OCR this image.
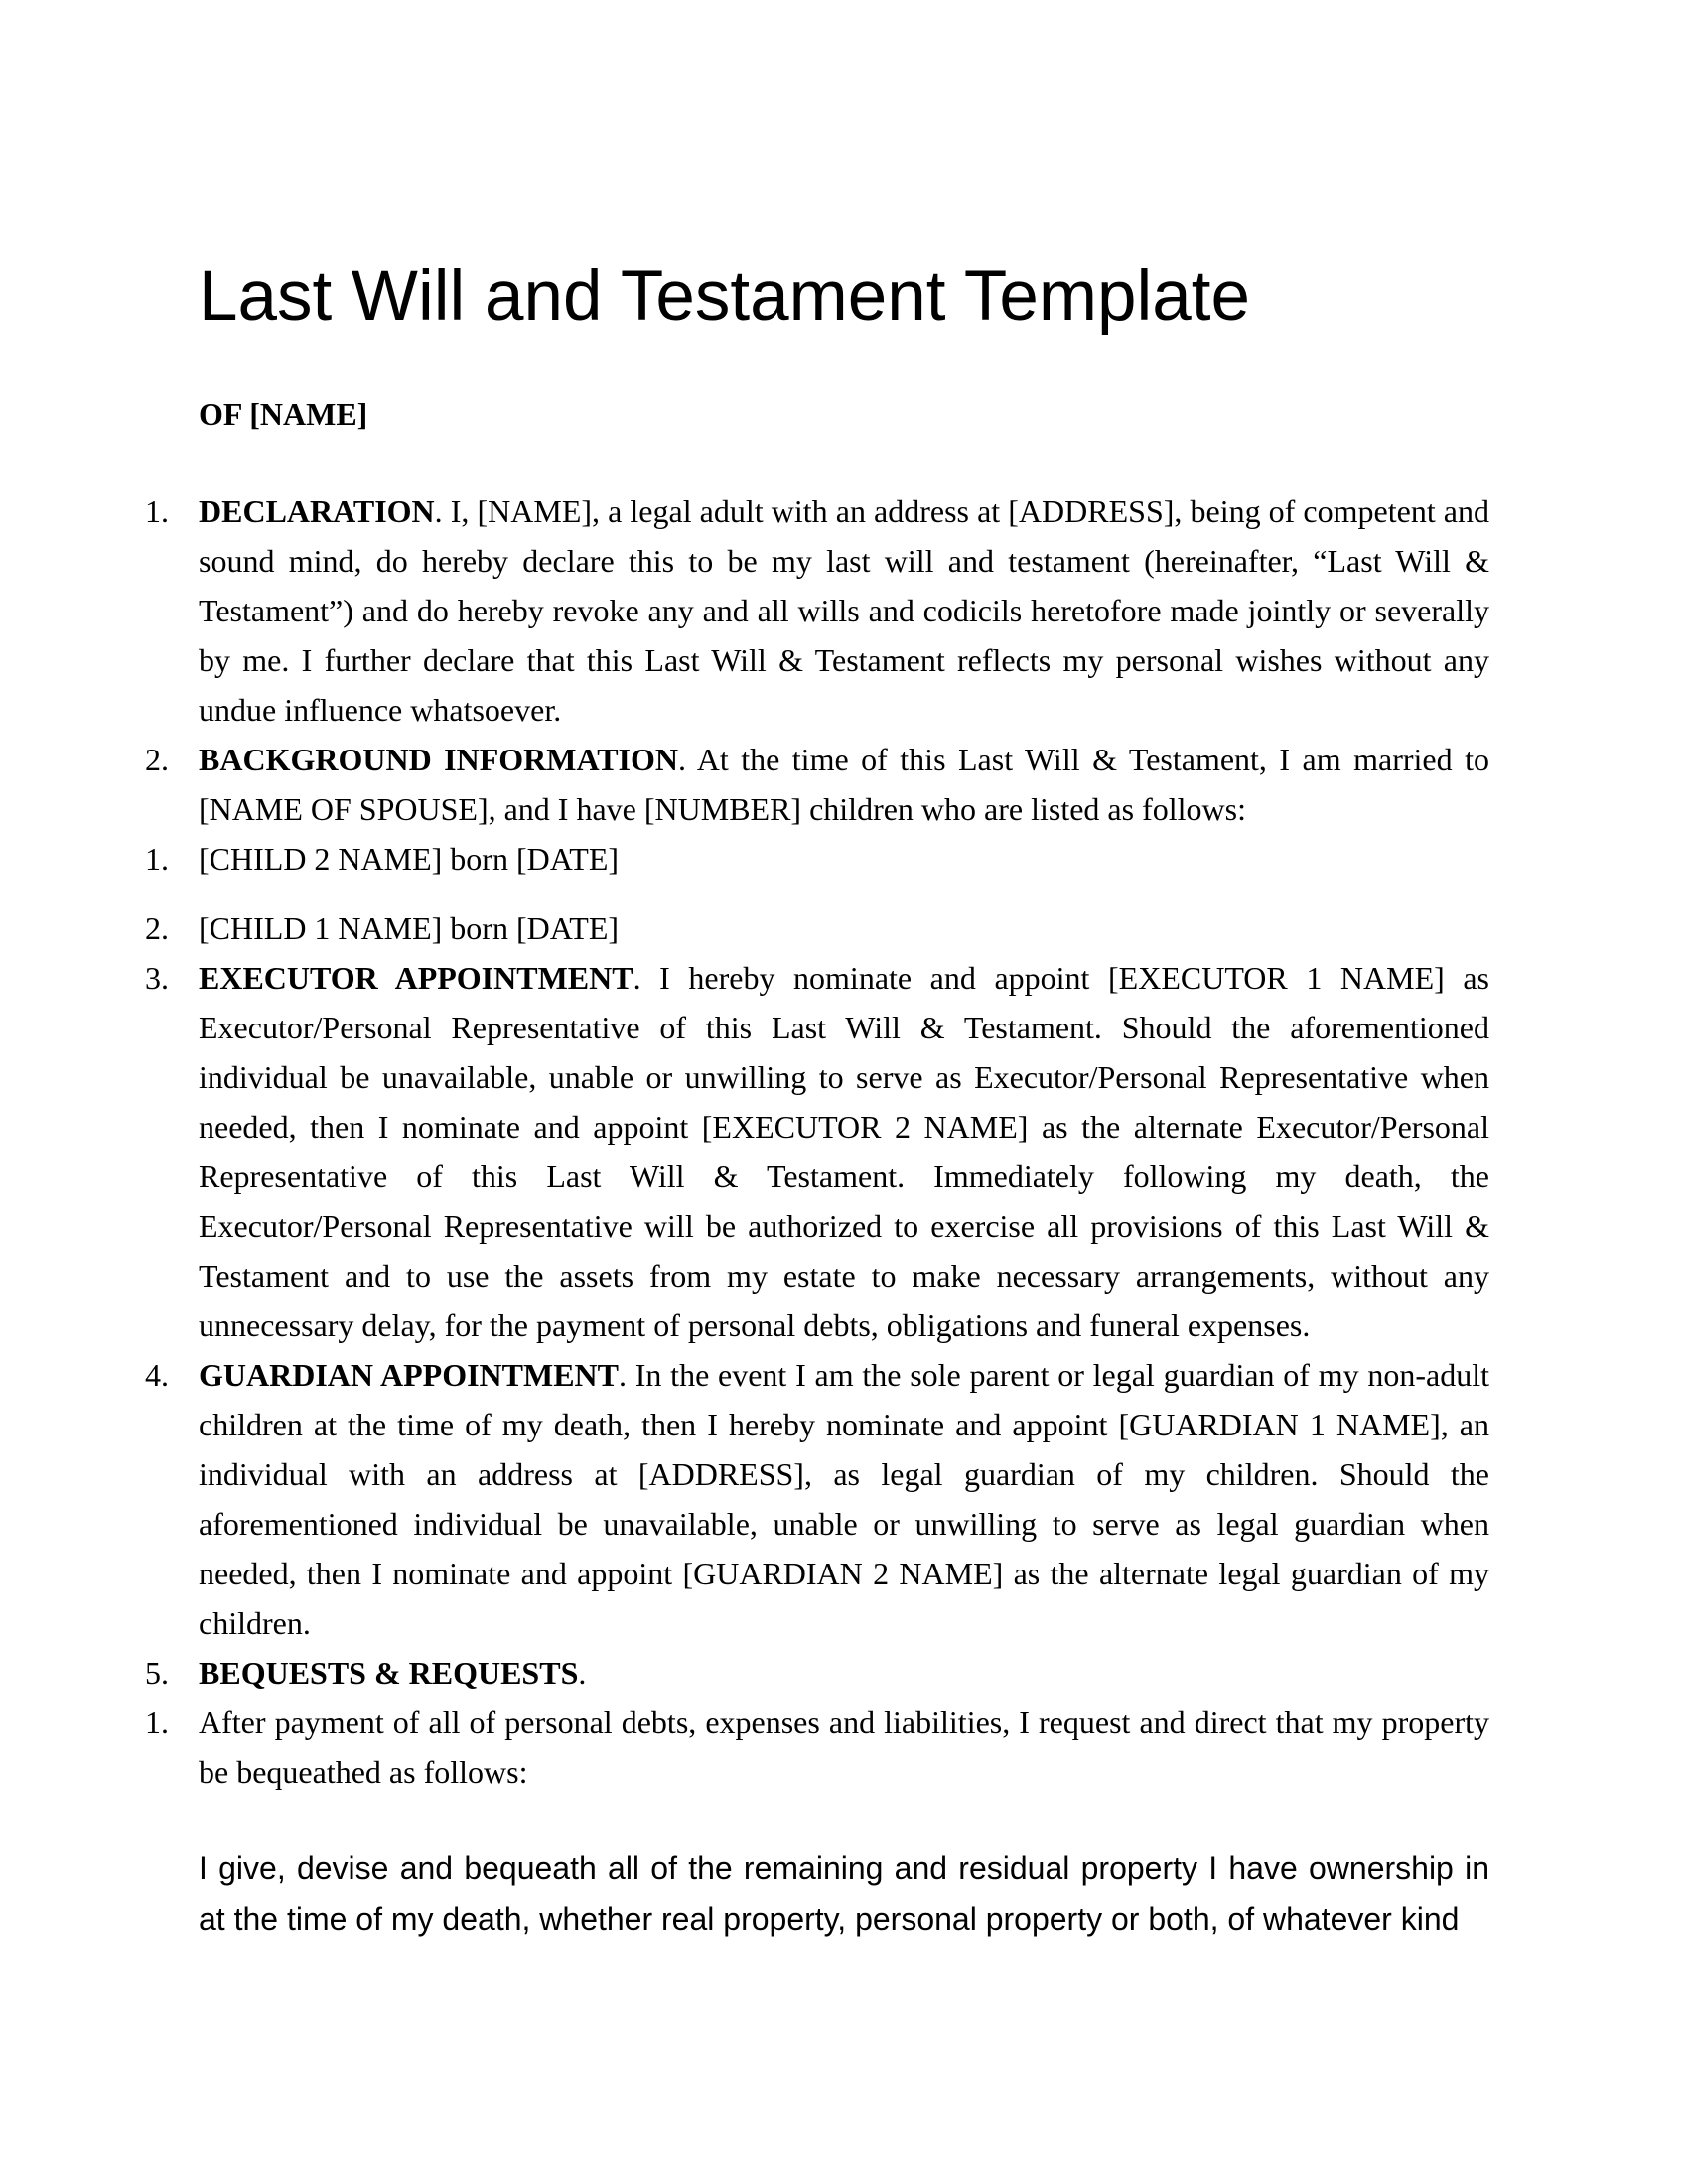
Last Will and Testament Template
OF [NAME]
1. DECLARATION. I, [NAME], a legal adult with an address at [ADDRESS], being of competent and sound mind, do hereby declare this to be my last will and testament (hereinafter, “Last Will & Testament”) and do hereby revoke any and all wills and codicils heretofore made jointly or severally by me. I further declare that this Last Will & Testament reflects my personal wishes without any undue influence whatsoever.
2. BACKGROUND INFORMATION. At the time of this Last Will & Testament, I am married to [NAME OF SPOUSE], and I have [NUMBER] children who are listed as follows:
1. [CHILD 2 NAME] born [DATE]
2. [CHILD 1 NAME] born [DATE]
3. EXECUTOR APPOINTMENT. I hereby nominate and appoint [EXECUTOR 1 NAME] as Executor/Personal Representative of this Last Will & Testament. Should the aforementioned individual be unavailable, unable or unwilling to serve as Executor/Personal Representative when needed, then I nominate and appoint [EXECUTOR 2 NAME] as the alternate Executor/Personal Representative of this Last Will & Testament. Immediately following my death, the Executor/Personal Representative will be authorized to exercise all provisions of this Last Will & Testament and to use the assets from my estate to make necessary arrangements, without any unnecessary delay, for the payment of personal debts, obligations and funeral expenses.
4. GUARDIAN APPOINTMENT. In the event I am the sole parent or legal guardian of my non-adult children at the time of my death, then I hereby nominate and appoint [GUARDIAN 1 NAME], an individual with an address at [ADDRESS], as legal guardian of my children. Should the aforementioned individual be unavailable, unable or unwilling to serve as legal guardian when needed, then I nominate and appoint [GUARDIAN 2 NAME] as the alternate legal guardian of my children.
5. BEQUESTS & REQUESTS.
1. After payment of all of personal debts, expenses and liabilities, I request and direct that my property be bequeathed as follows:
I give, devise and bequeath all of the remaining and residual property I have ownership in at the time of my death, whether real property, personal property or both, of whatever kind
